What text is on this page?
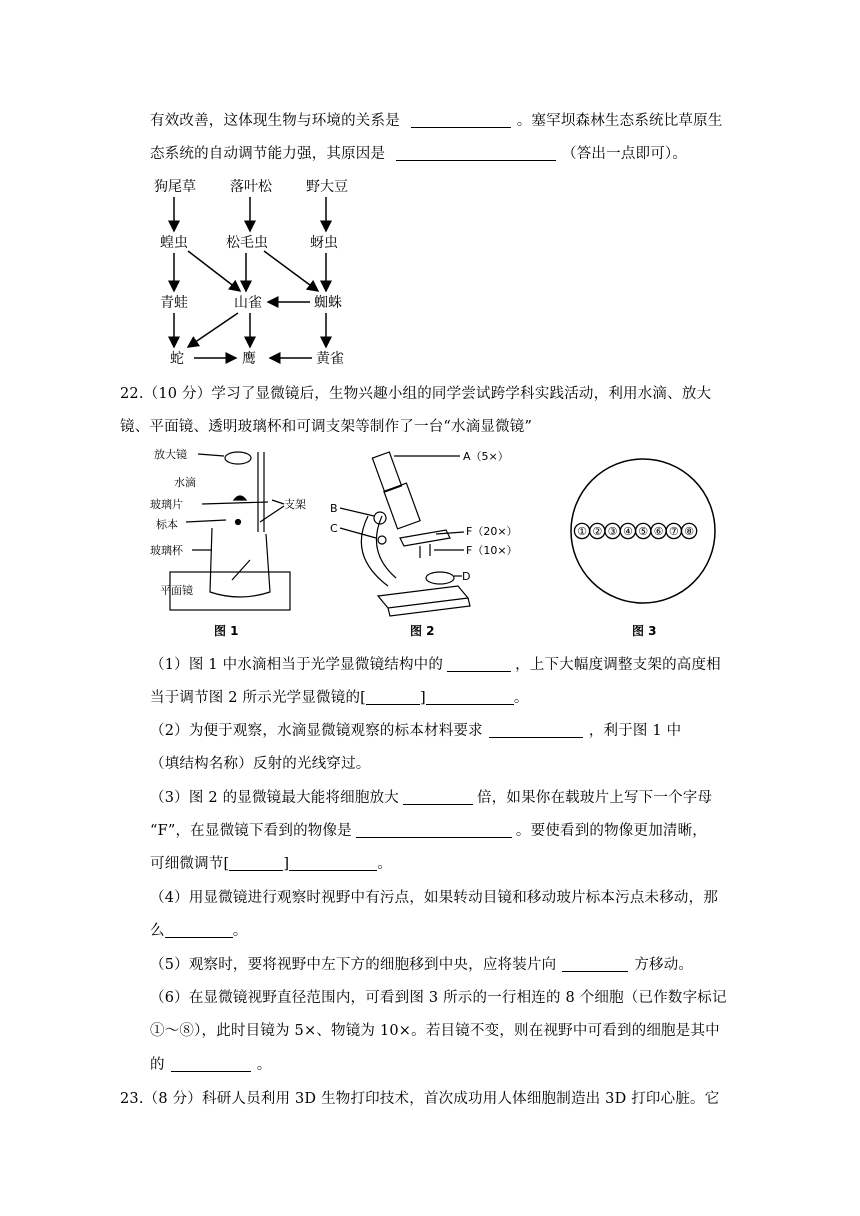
有效改善，这体现生物与环境的关系是	。塞罕坝森林生态系统比草原生
态系统的自动调节能力强，其原因是	（答出一点即可）。
狗尾草 落叶松 野大豆
蝗虫	松毛虫	蚜虫
青蛙	山雀	蜘蛛
蛇	鹰	黄雀
22.（10 分）学习了显微镜后，生物兴趣小组的同学尝试跨学科实践活动，利用水滴、放大
镜、平面镜、透明玻璃杯和可调支架等制作了一台“水滴显微镜”
放大镜
水滴
玻璃片
标本
玻璃杯
平面镜
支架
图 1
A（5×）
B
C	F（20×）
F（10×）
D
图 2
① ② ③ ④ ⑤ ⑥ ⑦ ⑧
图 3
（1）图 1 中水滴相当于光学显微镜结构中的	，上下大幅度调整支架的高度相
当于调节图 2 所示光学显微镜的[	]	。
（2）为便于观察，水滴显微镜观察的标本材料要求	，利于图 1 中
（填结构名称）反射的光线穿过。
（3）图 2 的显微镜最大能将细胞放大	倍，如果你在载玻片上写下一个字母
“F”，在显微镜下看到的物像是	。要使看到的物像更加清晰，
可细微调节[	]	。
（4）用显微镜进行观察时视野中有污点，如果转动目镜和移动玻片标本污点未移动，那
么	。
（5）观察时，要将视野中左下方的细胞移到中央，应将装片向	方移动。
（6）在显微镜视野直径范围内，可看到图 3 所示的一行相连的 8 个细胞（已作数字标记
①～⑧），此时目镜为 5×、物镜为 10×。若目镜不变，则在视野中可看到的细胞是其中
的	。
23.（8 分）科研人员利用 3D 生物打印技术，首次成功用人体细胞制造出 3D 打印心脏。它
